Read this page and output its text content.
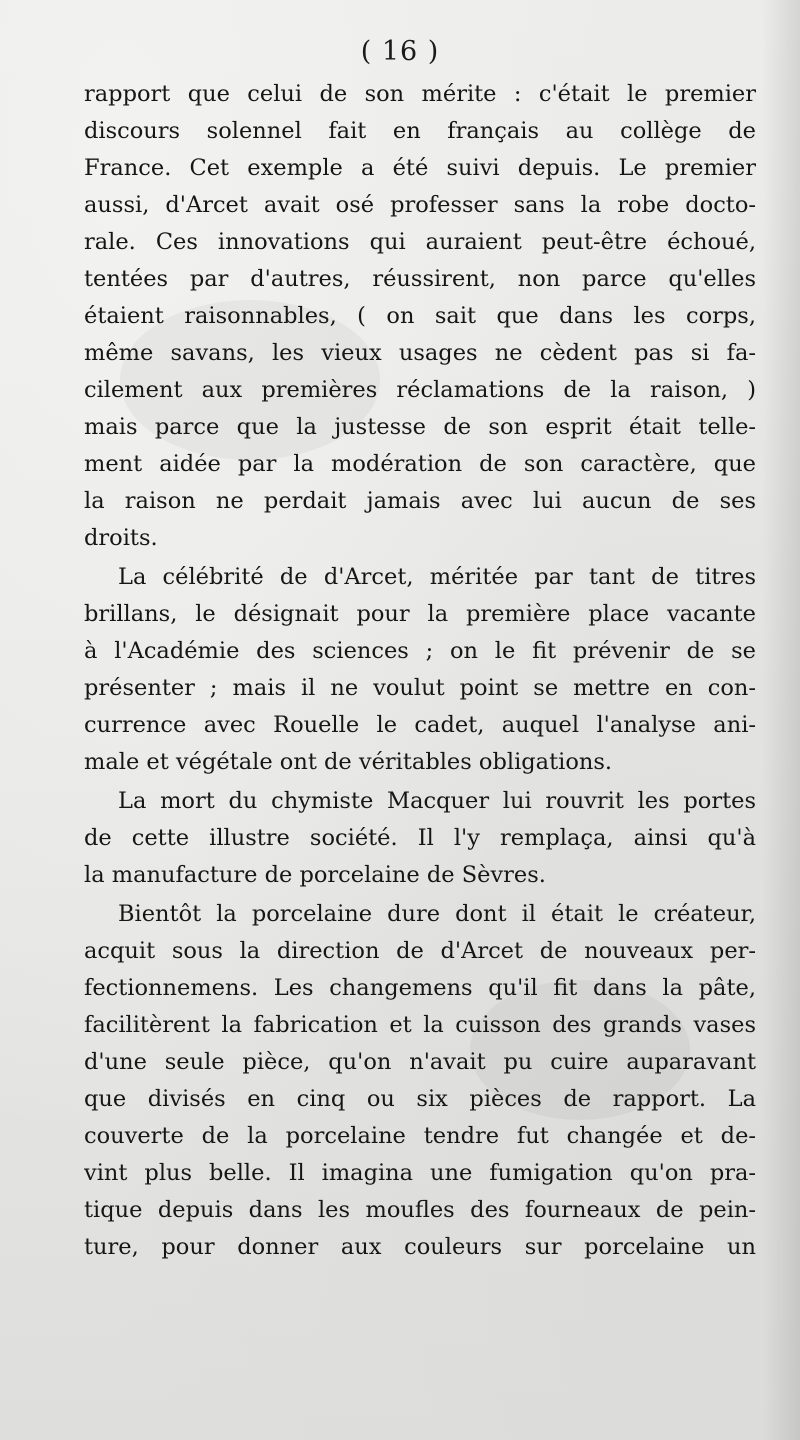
( 16 )
rapport que celui de son mérite : c'était le premier
discours solennel fait en français au collège de
France. Cet exemple a été suivi depuis. Le premier
aussi, d'Arcet avait osé professer sans la robe docto-
rale. Ces innovations qui auraient peut-être échoué,
tentées par d'autres, réussirent, non parce qu'elles
étaient raisonnables, ( on sait que dans les corps,
même savans, les vieux usages ne cèdent pas si fa-
cilement aux premières réclamations de la raison, )
mais parce que la justesse de son esprit était telle-
ment aidée par la modération de son caractère, que
la raison ne perdait jamais avec lui aucun de ses
droits.
La célébrité de d'Arcet, méritée par tant de titres
brillans, le désignait pour la première place vacante
à l'Académie des sciences ; on le fit prévenir de se
présenter ; mais il ne voulut point se mettre en con-
currence avec Rouelle le cadet, auquel l'analyse ani-
male et végétale ont de véritables obligations.
La mort du chymiste Macquer lui rouvrit les portes
de cette illustre société. Il l'y remplaça, ainsi qu'à
la manufacture de porcelaine de Sèvres.
Bientôt la porcelaine dure dont il était le créateur,
acquit sous la direction de d'Arcet de nouveaux per-
fectionnemens. Les changemens qu'il fit dans la pâte,
facilitèrent la fabrication et la cuisson des grands vases
d'une seule pièce, qu'on n'avait pu cuire auparavant
que divisés en cinq ou six pièces de rapport. La
couverte de la porcelaine tendre fut changée et de-
vint plus belle. Il imagina une fumigation qu'on pra-
tique depuis dans les moufles des fourneaux de pein-
ture, pour donner aux couleurs sur porcelaine un
